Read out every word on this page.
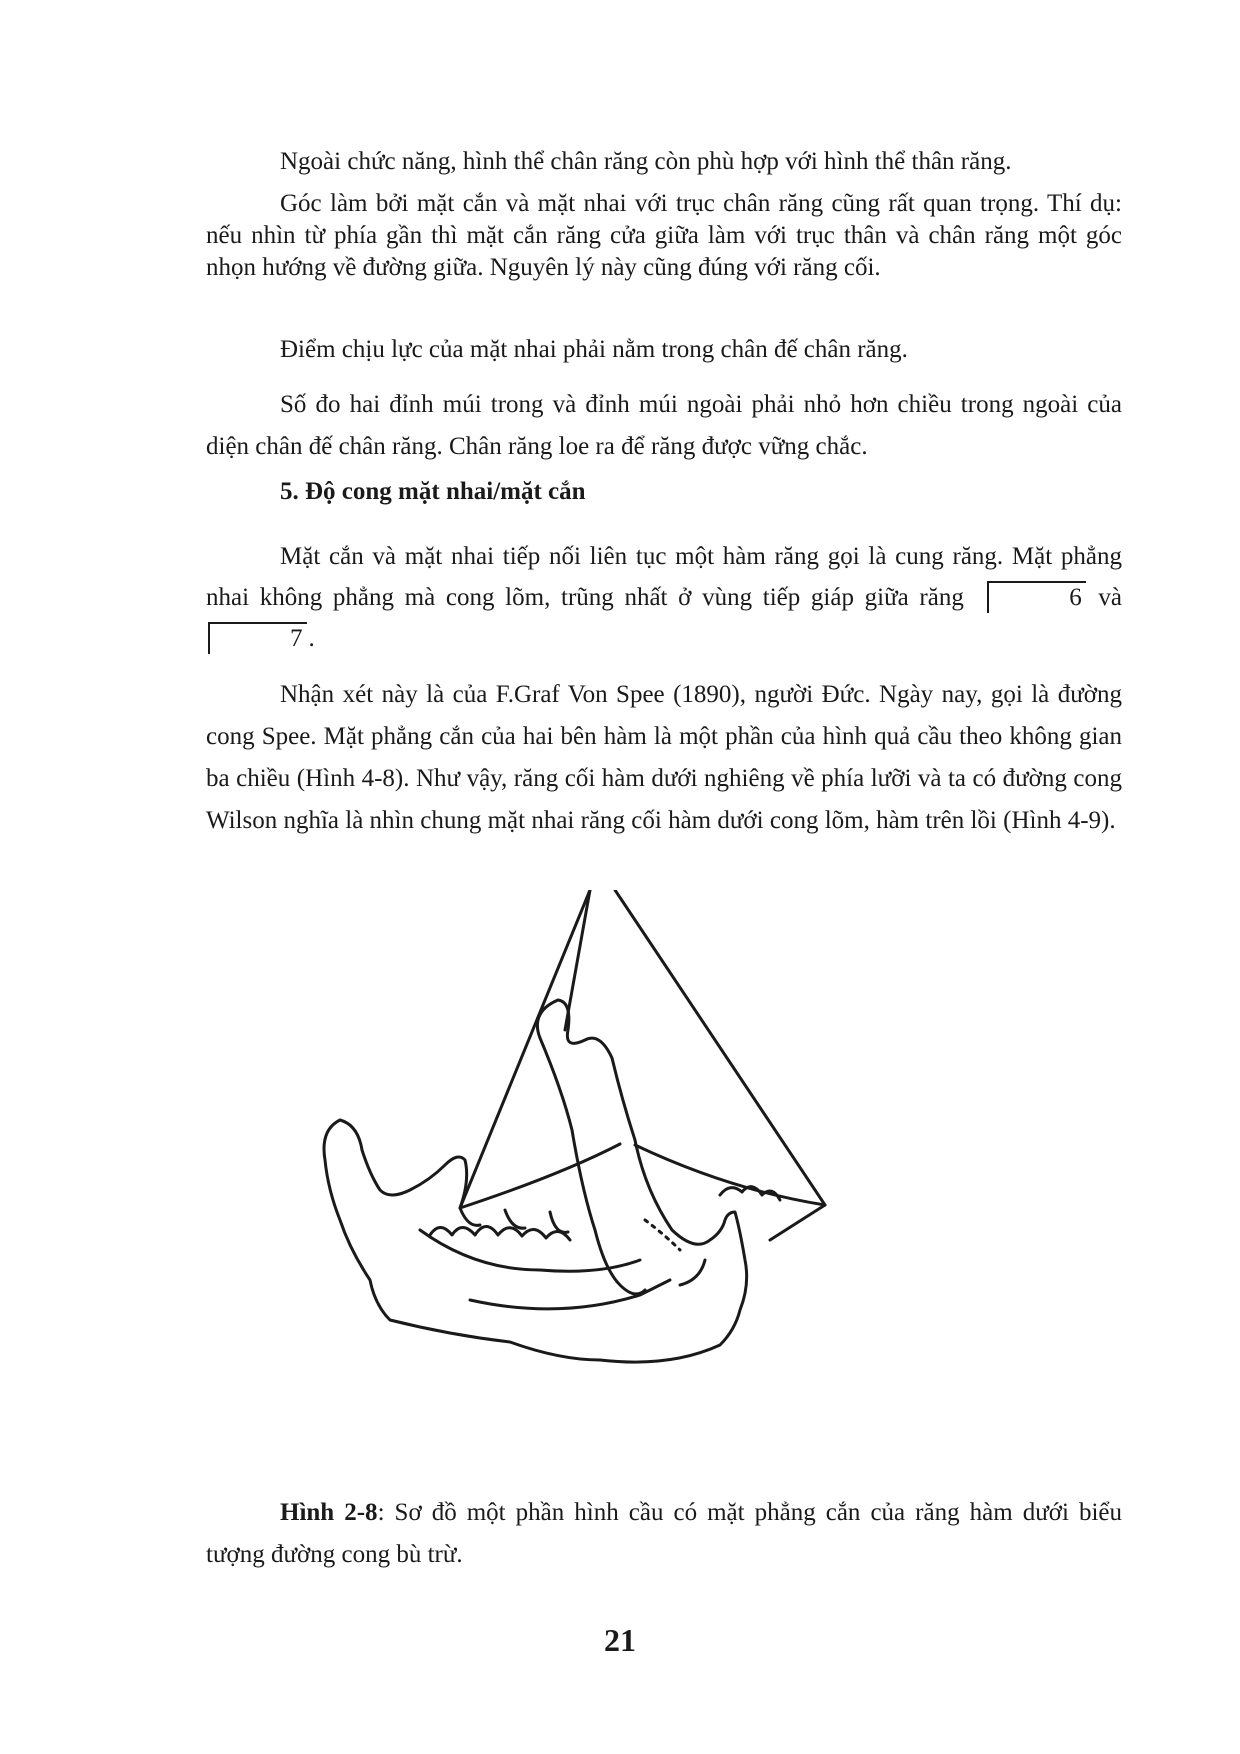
Ngoài chức năng, hình thể chân răng còn phù hợp với hình thể thân răng.

Góc làm bởi mặt cắn và mặt nhai với trục chân răng cũng rất quan trọng. Thí dụ: nếu nhìn từ phía gần thì mặt cắn răng cửa giữa làm với trục thân và chân răng một góc nhọn hướng về đường giữa. Nguyên lý này cũng đúng với răng cối.

Điểm chịu lực của mặt nhai phải nằm trong chân đế chân răng.

Số đo hai đỉnh múi trong và đỉnh múi ngoài phải nhỏ hơn chiều trong ngoài của diện chân đế chân răng. Chân răng loe ra để răng được vững chắc.

5. Độ cong mặt nhai/mặt cắn

Mặt cắn và mặt nhai tiếp nối liên tục một hàm răng gọi là cung răng. Mặt phẳng nhai không phẳng mà cong lõm, trũng nhất ở vùng tiếp giáp giữa răng	6 và 7 .

Nhận xét này là của F.Graf Von Spee (1890), người Đức. Ngày nay, gọi là đường cong Spee. Mặt phẳng cắn của hai bên hàm là một phần của hình quả cầu theo không gian ba chiều (Hình 4-8). Như vậy, răng cối hàm dưới nghiêng về phía lưỡi và ta có đường cong Wilson nghĩa là nhìn chung mặt nhai răng cối hàm dưới cong lõm, hàm trên lồi (Hình 4-9).

Hình 2-8: Sơ đồ một phần hình cầu có mặt phẳng cắn của răng hàm dưới biểu tượng đường cong bù trừ.

21
